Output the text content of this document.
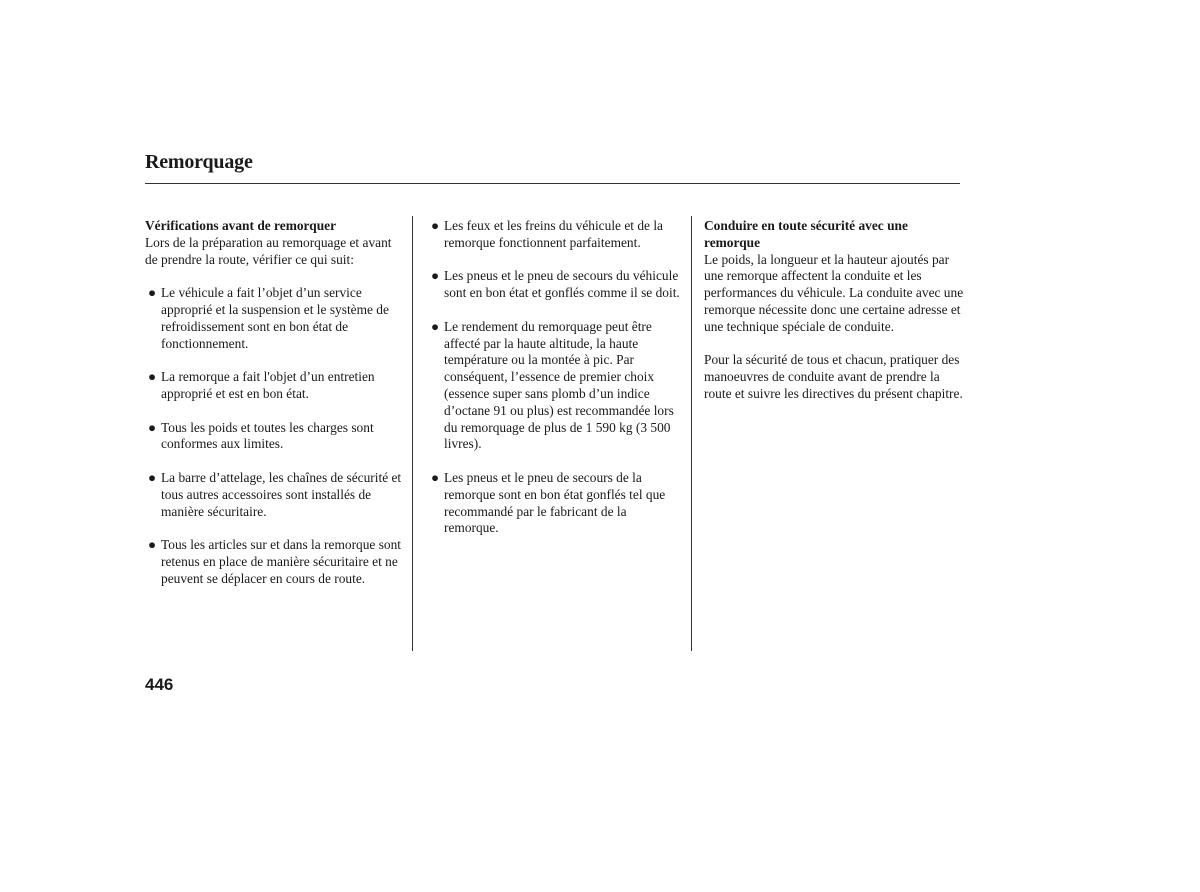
Remorquage
Vérifications avant de remorquer
Lors de la préparation au remorquage et avant de prendre la route, vérifier ce qui suit:
● Le véhicule a fait l’objet d’un service approprié et la suspension et le système de refroidissement sont en bon état de fonctionnement.
● La remorque a fait l'objet d’un entretien approprié et est en bon état.
● Tous les poids et toutes les charges sont conformes aux limites.
● La barre d’attelage, les chaînes de sécurité et tous autres accessoires sont installés de manière sécuritaire.
● Tous les articles sur et dans la remorque sont retenus en place de manière sécuritaire et ne peuvent se déplacer en cours de route.
● Les feux et les freins du véhicule et de la remorque fonctionnent parfaitement.
● Les pneus et le pneu de secours du véhicule sont en bon état et gonflés comme il se doit.
● Le rendement du remorquage peut être affecté par la haute altitude, la haute température ou la montée à pic. Par conséquent, l’essence de premier choix (essence super sans plomb d’un indice d’octane 91 ou plus) est recommandée lors du remorquage de plus de 1 590 kg (3 500 livres).
● Les pneus et le pneu de secours de la remorque sont en bon état gonflés tel que recommandé par le fabricant de la remorque.
Conduire en toute sécurité avec une remorque
Le poids, la longueur et la hauteur ajoutés par une remorque affectent la conduite et les performances du véhicule. La conduite avec une remorque nécessite donc une certaine adresse et une technique spéciale de conduite.
Pour la sécurité de tous et chacun, pratiquer des manoeuvres de conduite avant de prendre la route et suivre les directives du présent chapitre.
446
